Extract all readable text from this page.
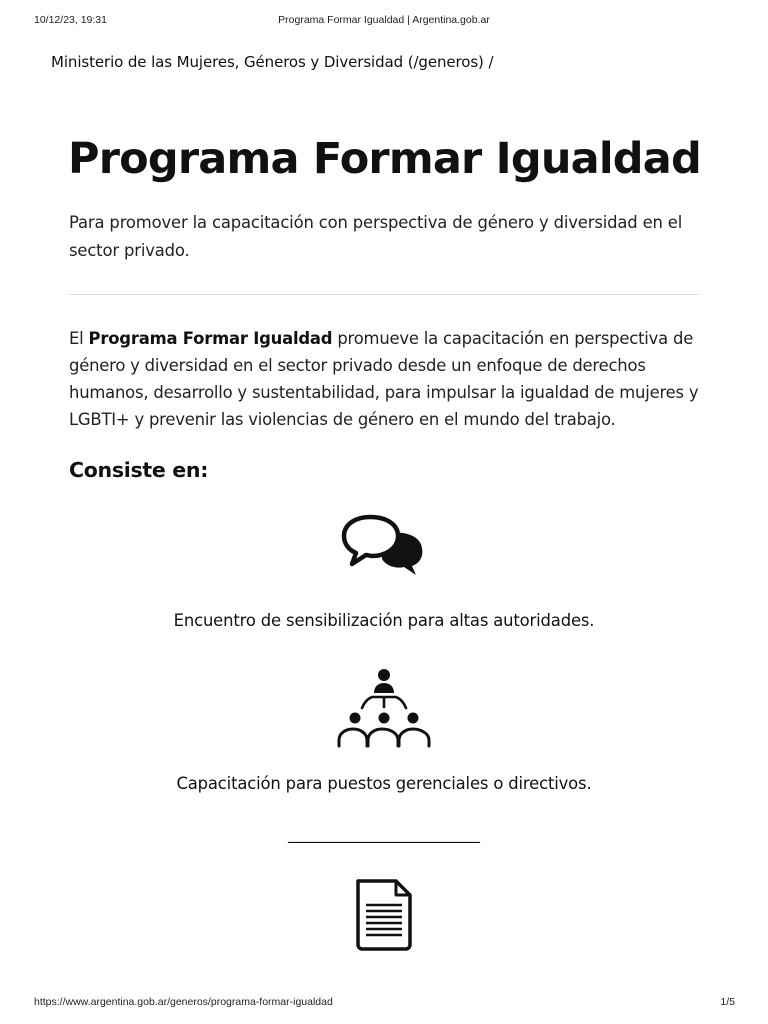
10/12/23, 19:31	Programa Formar Igualdad | Argentina.gob.ar
Ministerio de las Mujeres, Géneros y Diversidad (/generos) /
Programa Formar Igualdad

Para promover la capacitación con perspectiva de género y diversidad en el sector privado.

El Programa Formar Igualdad promueve la capacitación en perspectiva de género y diversidad en el sector privado desde un enfoque de derechos humanos, desarrollo y sustentabilidad, para impulsar la igualdad de mujeres y LGBTI+ y prevenir las violencias de género en el mundo del trabajo.

Consiste en:

Encuentro de sensibilización para altas autoridades.

Capacitación para puestos gerenciales o directivos.

________________________
https://www.argentina.gob.ar/generos/programa-formar-igualdad	1/5
